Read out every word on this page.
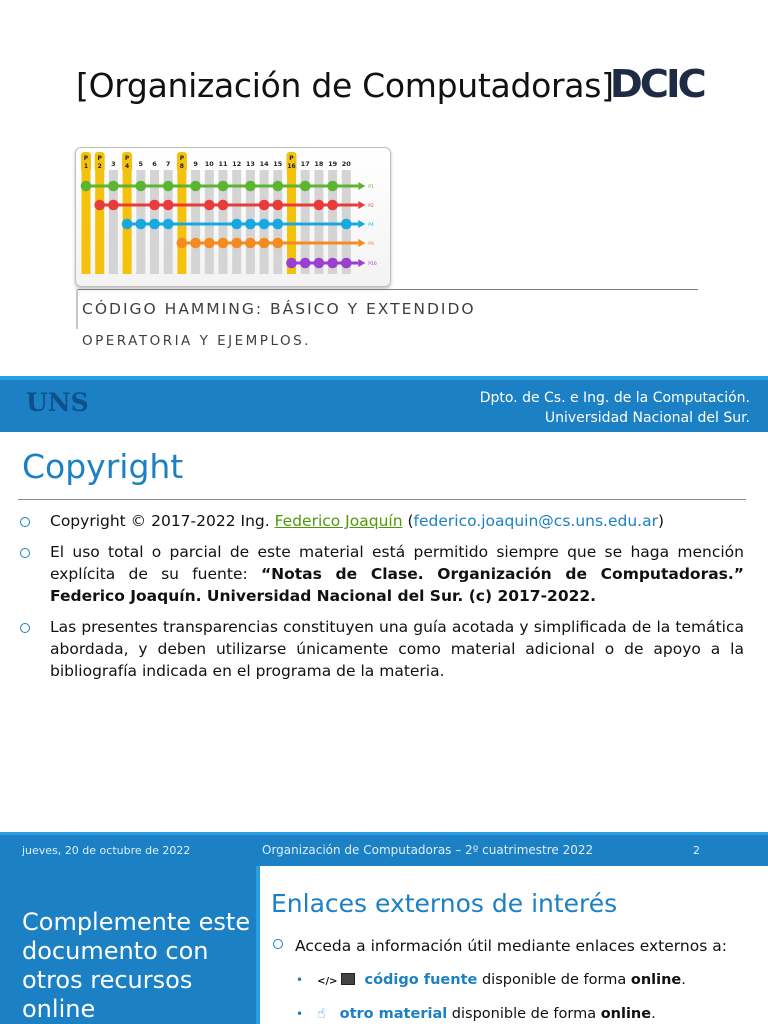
[Organización de Computadoras]
DCIC
P
1
P
2 3
P
4 5 6 7
P
8 9 10 11 12 13 14 15
P
16 17 18 19 20
P1
P2
P4
P8
P16
CÓDIGO HAMMING: BÁSICO Y EXTENDIDO
OPERATORIA Y EJEMPLOS.
UNS	Dpto. de Cs. e Ing. de la Computación.
Universidad Nacional del Sur.
Copyright
Copyright © 2017-2022 Ing. Federico Joaquín (federico.joaquin@cs.uns.edu.ar)
El uso total o parcial de este material está permitido siempre que se haga mención explícita de su fuente: “Notas de Clase. Organización de Computadoras.” Federico Joaquín. Universidad Nacional del Sur. (c) 2017-2022.
Las presentes transparencias constituyen una guía acotada y simplificada de la temática abordada, y deben utilizarse únicamente como material adicional o de apoyo a la bibliografía indicada en el programa de la materia.
jueves, 20 de octubre de 2022	Organización de Computadoras – 2º cuatrimestre 2022	2
Complemente este documento con otros recursos online
Enlaces externos de interés
Acceda a información útil mediante enlaces externos a:
• </> código fuente disponible de forma online.
• ☝ otro material disponible de forma online.
